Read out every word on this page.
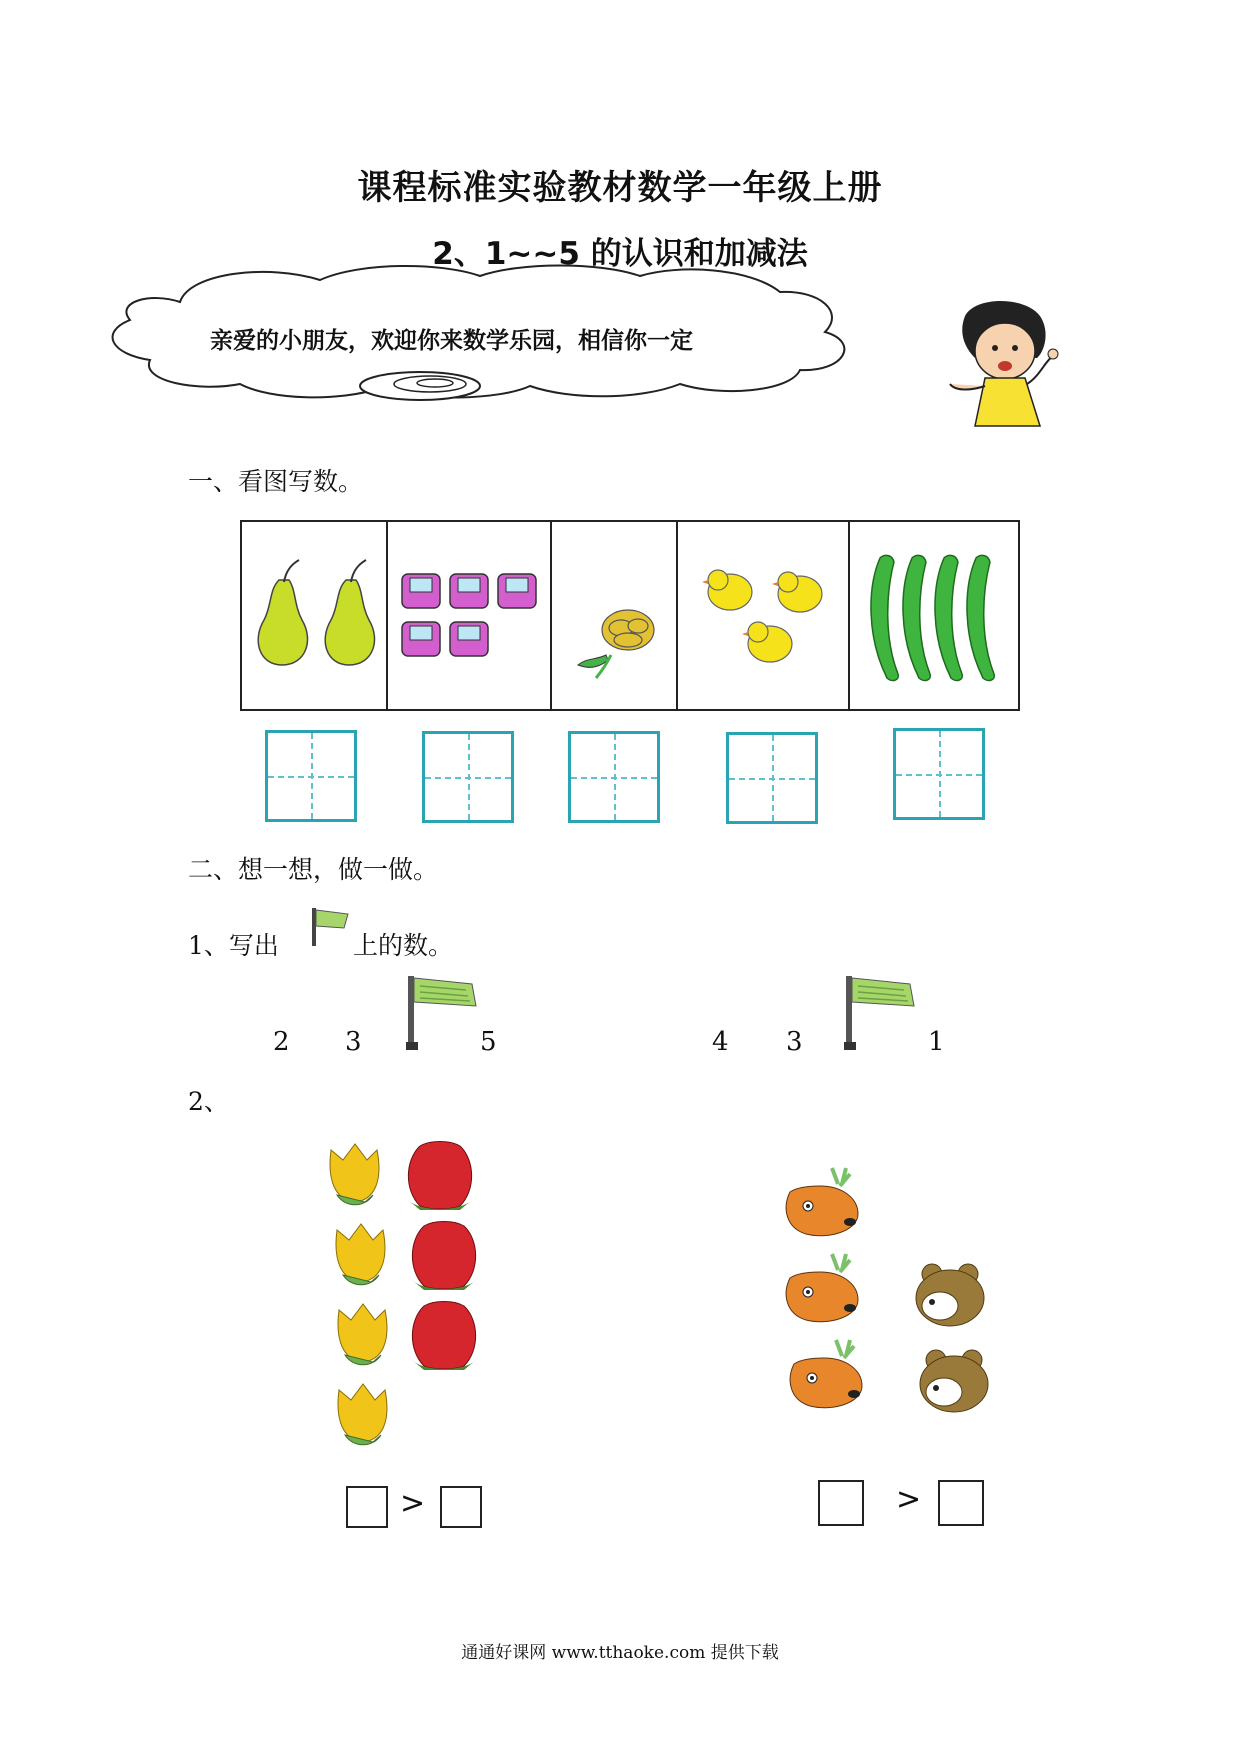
课程标准实验教材数学一年级上册
2、1~~5 的认识和加减法
亲爱的小朋友，欢迎你来数学乐园，相信你一定
一、看图写数。
二、想一想，做一做。
1、写出	上的数。
2 3	5	4 3	1
2、
>	>
通通好课网 www.tthaoke.com 提供下载
